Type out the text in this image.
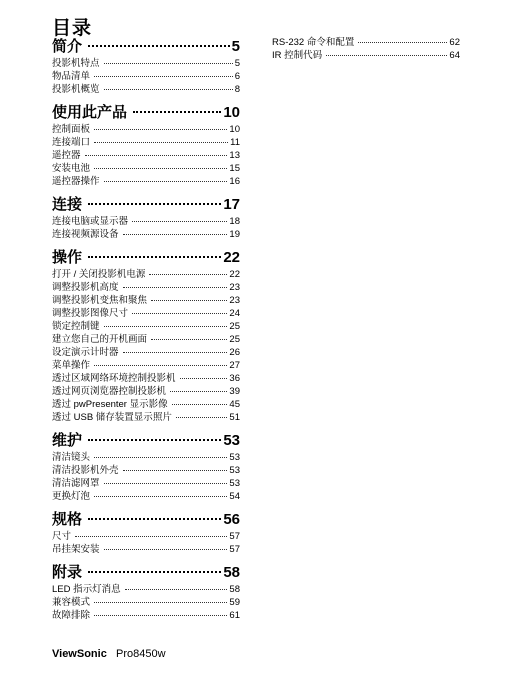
目录
简介	5
投影机特点	5
物品清单	6
投影机概览	8
使用此产品	10
控制面板	10
连接端口	11
遥控器	13
安装电池	15
遥控器操作	16
连接	17
连接电脑或显示器	18
连接视频源设备	19
操作	22
打开 / 关闭投影机电源	22
调整投影机高度	23
调整投影机变焦和聚焦	23
调整投影图像尺寸	24
锁定控制键	25
建立您自己的开机画面	25
设定演示计时器	26
菜单操作	27
透过区域网络环境控制投影机	36
透过网页浏览器控制投影机	39
透过 pwPresenter 显示影像	45
透过 USB 储存装置显示照片	51
维护	53
清洁镜头	53
清洁投影机外壳	53
清洁滤网罩	53
更换灯泡	54
规格	56
尺寸	57
吊挂架安装	57
附录	58
LED 指示灯消息	58
兼容模式	59
故障排除	61
RS-232 命令和配置	62
IR 控制代码	64
ViewSonic Pro8450w
